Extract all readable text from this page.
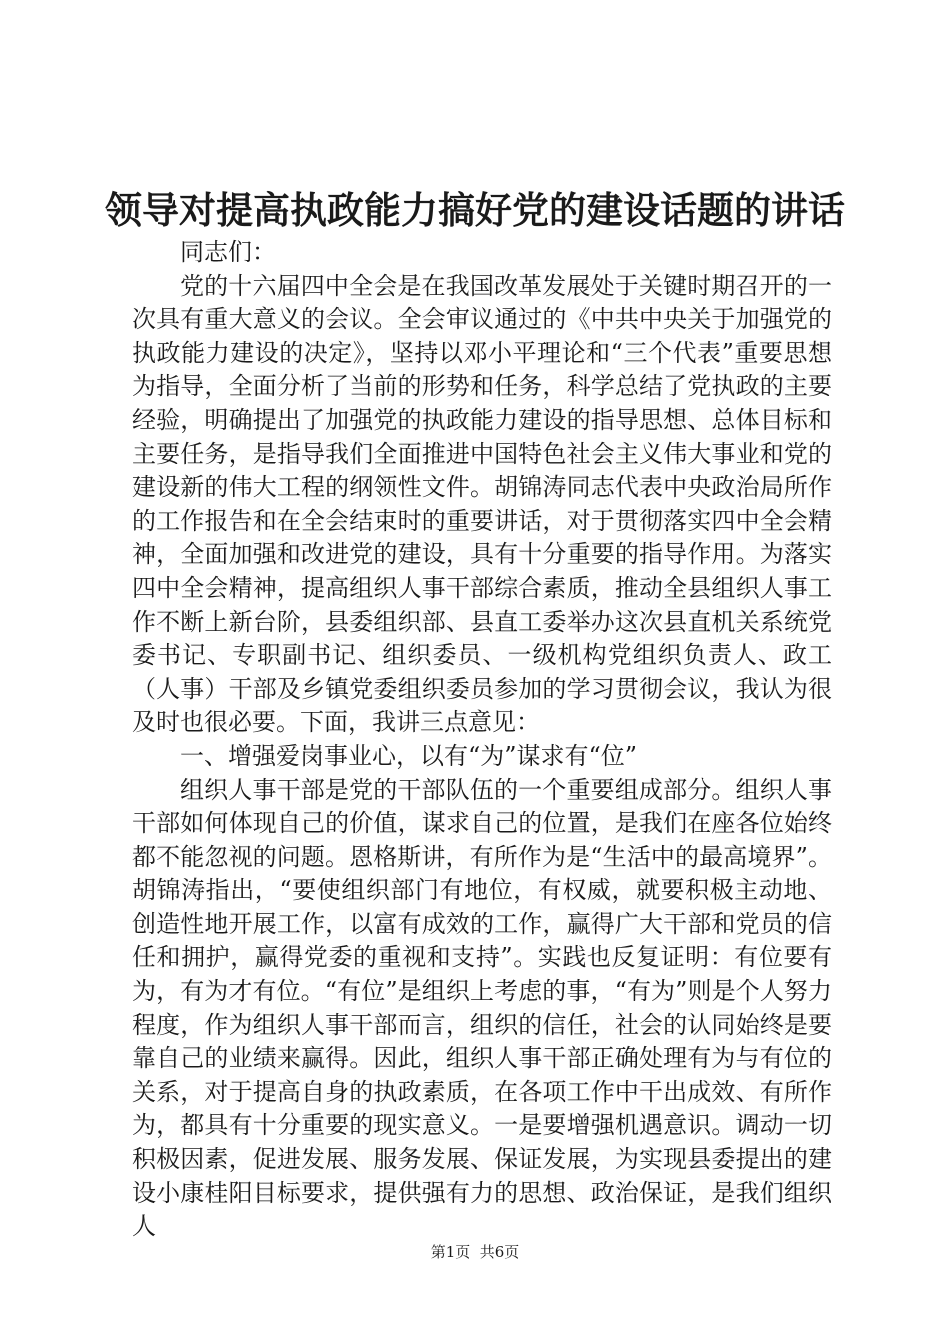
领导对提高执政能力搞好党的建设话题的讲话

同志们：

党的十六届四中全会是在我国改革发展处于关键时期召开的一次具有重大意义的会议。全会审议通过的《中共中央关于加强党的执政能力建设的决定》，坚持以邓小平理论和“三个代表”重要思想为指导，全面分析了当前的形势和任务，科学总结了党执政的主要经验，明确提出了加强党的执政能力建设的指导思想、总体目标和主要任务，是指导我们全面推进中国特色社会主义伟大事业和党的建设新的伟大工程的纲领性文件。胡锦涛同志代表中央政治局所作的工作报告和在全会结束时的重要讲话，对于贯彻落实四中全会精神，全面加强和改进党的建设，具有十分重要的指导作用。为落实四中全会精神，提高组织人事干部综合素质，推动全县组织人事工作不断上新台阶，县委组织部、县直工委举办这次县直机关系统党委书记、专职副书记、组织委员、一级机构党组织负责人、政工（人事）干部及乡镇党委组织委员参加的学习贯彻会议，我认为很及时也很必要。下面，我讲三点意见：

一、增强爱岗事业心，以有“为”谋求有“位”

组织人事干部是党的干部队伍的一个重要组成部分。组织人事干部如何体现自己的价值，谋求自己的位置，是我们在座各位始终都不能忽视的问题。恩格斯讲，有所作为是“生活中的最高境界”。胡锦涛指出，“要使组织部门有地位，有权威，就要积极主动地、创造性地开展工作，以富有成效的工作，赢得广大干部和党员的信任和拥护，赢得党委的重视和支持”。实践也反复证明：有位要有为，有为才有位。“有位”是组织上考虑的事，“有为”则是个人努力程度，作为组织人事干部而言，组织的信任，社会的认同始终是要靠自己的业绩来赢得。因此，组织人事干部正确处理有为与有位的关系，对于提高自身的执政素质，在各项工作中干出成效、有所作为，都具有十分重要的现实意义。一是要增强机遇意识。调动一切积极因素，促进发展、服务发展、保证发展，为实现县委提出的建设小康桂阳目标要求，提供强有力的思想、政治保证，是我们组织人

第1页  共6页
